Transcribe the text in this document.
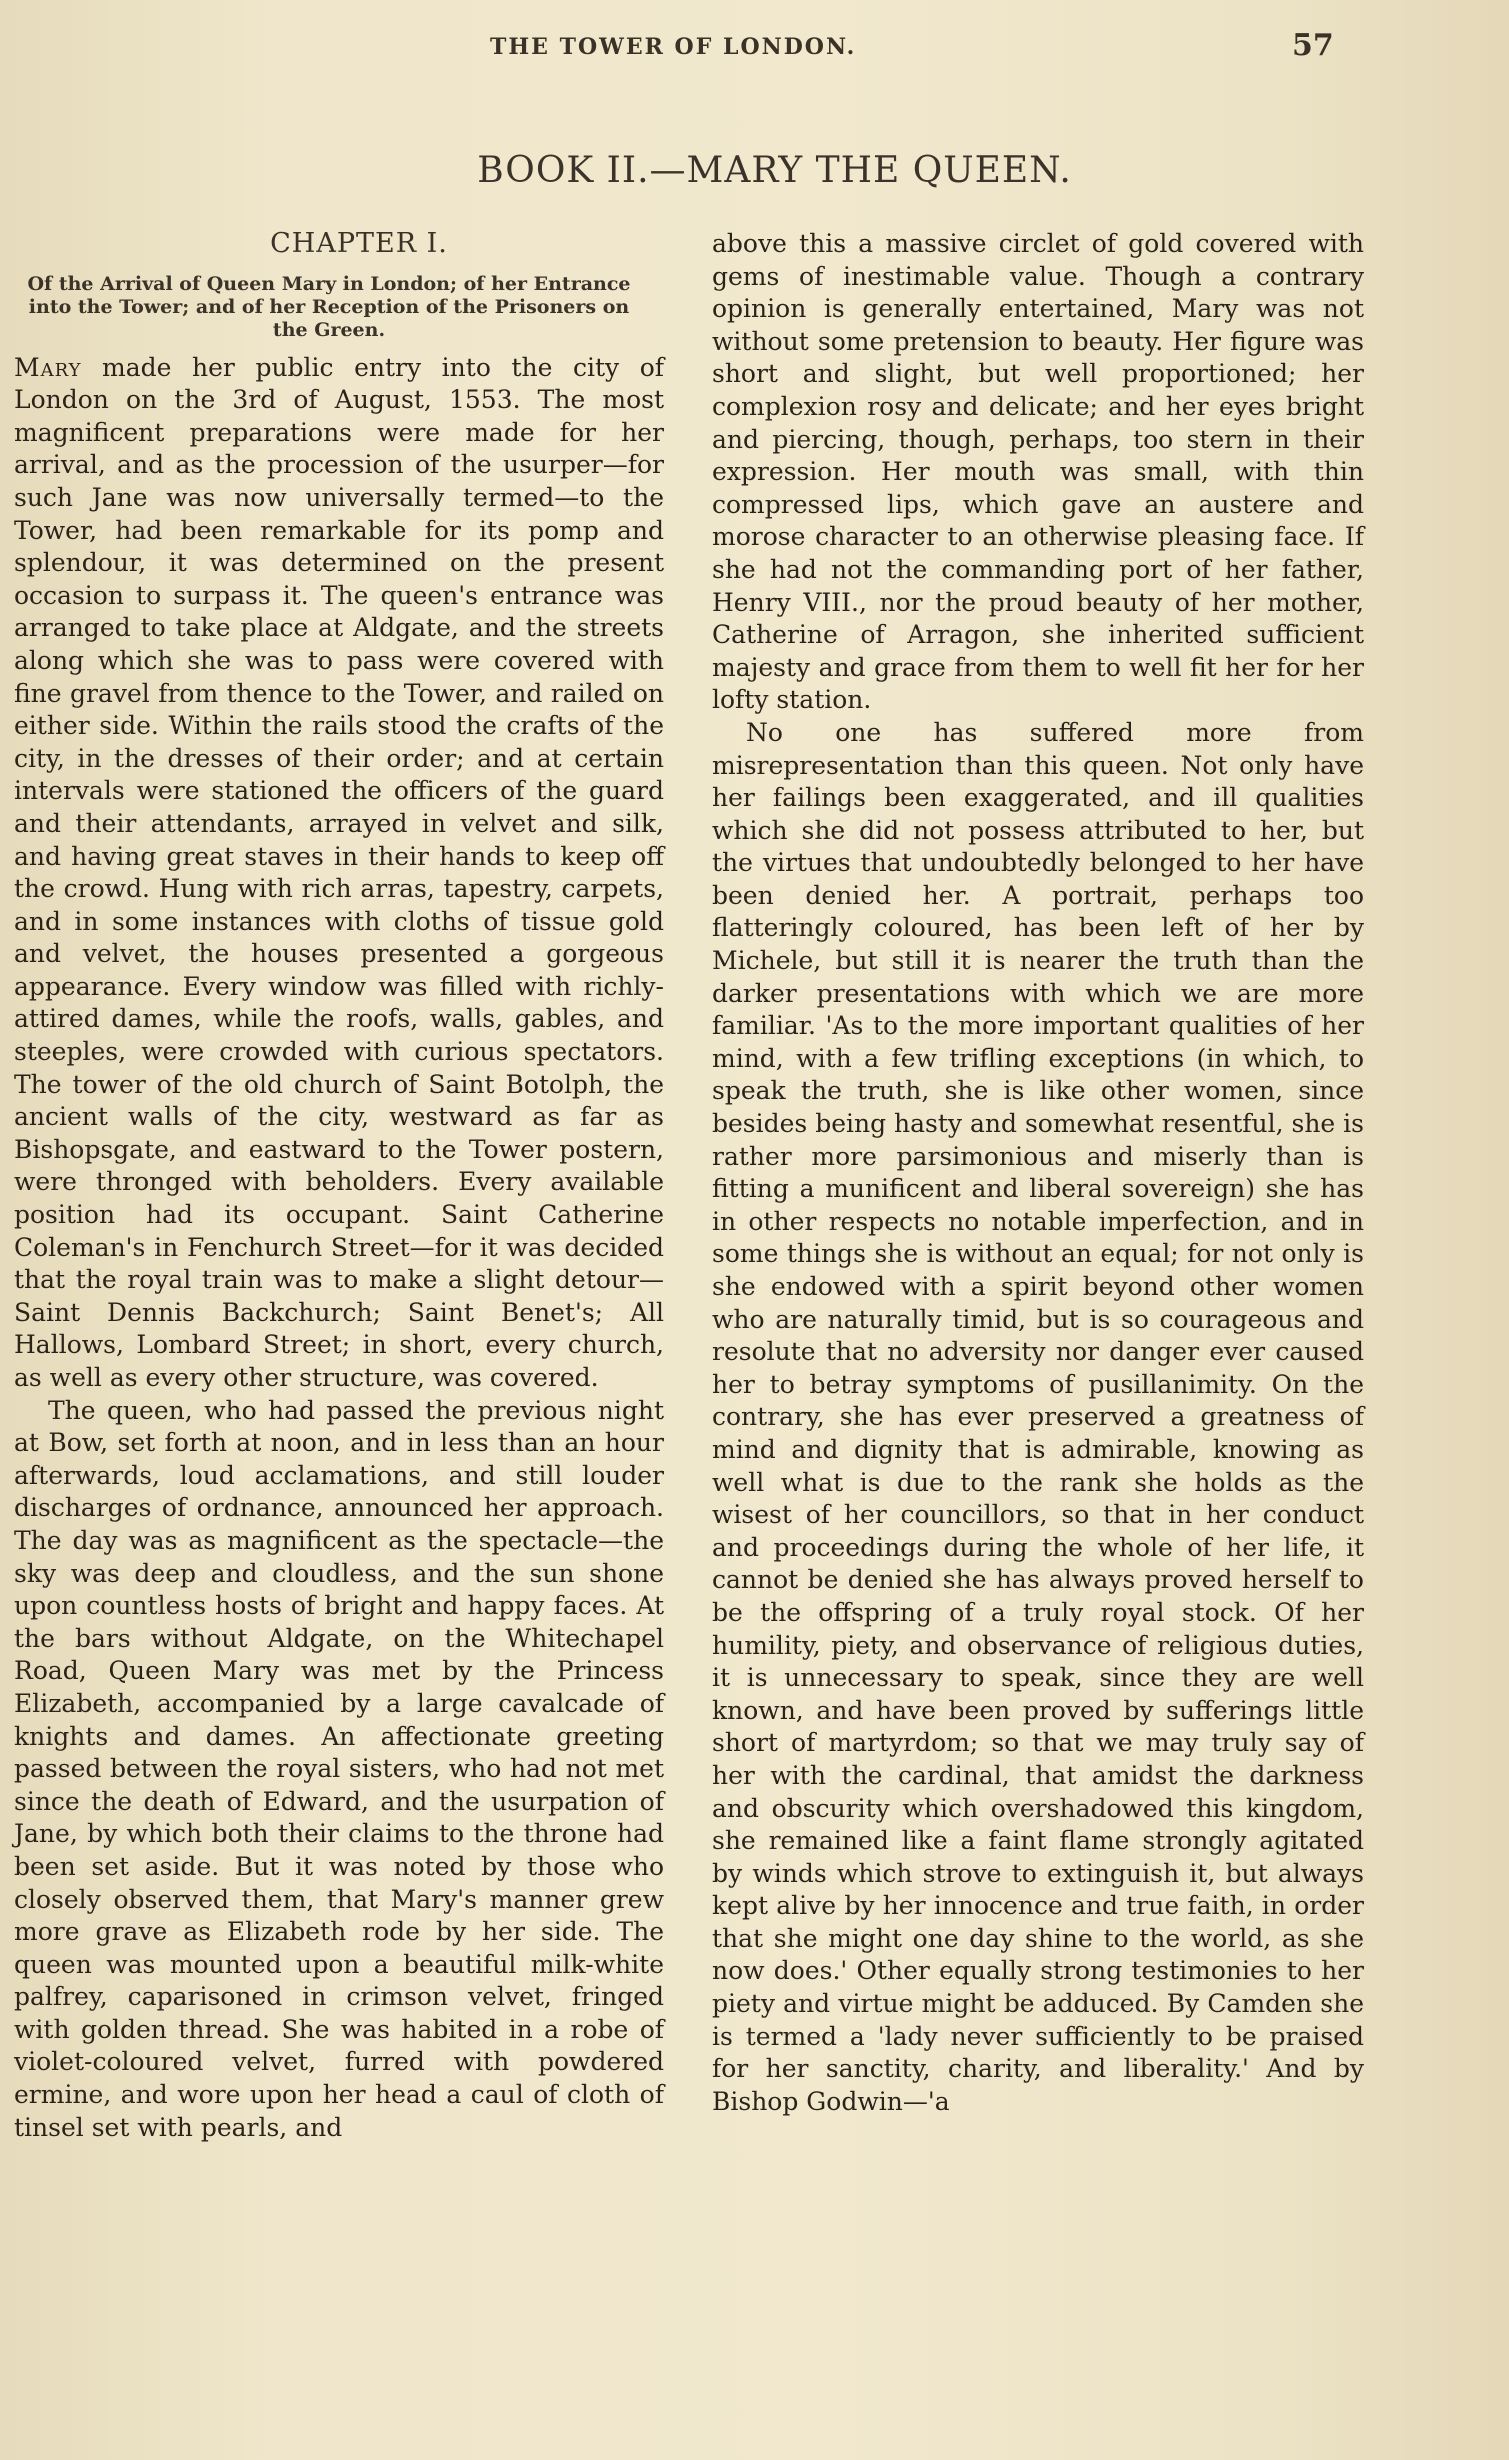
THE TOWER OF LONDON.	57
BOOK II.—MARY THE QUEEN.
CHAPTER I.
Of the Arrival of Queen Mary in London; of her Entrance into the Tower; and of her Reception of the Prisoners on the Green.

Mary made her public entry into the city of London on the 3rd of August, 1553. The most magnificent preparations were made for her arrival, and as the procession of the usurper—for such Jane was now universally termed—to the Tower, had been remarkable for its pomp and splendour, it was determined on the present occasion to surpass it. The queen's entrance was arranged to take place at Aldgate, and the streets along which she was to pass were covered with fine gravel from thence to the Tower, and railed on either side. Within the rails stood the crafts of the city, in the dresses of their order; and at certain intervals were stationed the officers of the guard and their attendants, arrayed in velvet and silk, and having great staves in their hands to keep off the crowd. Hung with rich arras, tapestry, carpets, and in some instances with cloths of tissue gold and velvet, the houses presented a gorgeous appearance. Every window was filled with richly-attired dames, while the roofs, walls, gables, and steeples, were crowded with curious spectators. The tower of the old church of Saint Botolph, the ancient walls of the city, westward as far as Bishopsgate, and eastward to the Tower postern, were thronged with beholders. Every available position had its occupant. Saint Catherine Coleman's in Fenchurch Street—for it was decided that the royal train was to make a slight detour—Saint Dennis Backchurch; Saint Benet's; All Hallows, Lombard Street; in short, every church, as well as every other structure, was covered.

The queen, who had passed the previous night at Bow, set forth at noon, and in less than an hour afterwards, loud acclamations, and still louder discharges of ordnance, announced her approach. The day was as magnificent as the spectacle—the sky was deep and cloudless, and the sun shone upon countless hosts of bright and happy faces. At the bars without Aldgate, on the Whitechapel Road, Queen Mary was met by the Princess Elizabeth, accompanied by a large cavalcade of knights and dames. An affectionate greeting passed between the royal sisters, who had not met since the death of Edward, and the usurpation of Jane, by which both their claims to the throne had been set aside. But it was noted by those who closely observed them, that Mary's manner grew more grave as Elizabeth rode by her side. The queen was mounted upon a beautiful milk-white palfrey, caparisoned in crimson velvet, fringed with golden thread. She was habited in a robe of violet-coloured velvet, furred with powdered ermine, and wore upon her head a caul of cloth of tinsel set with pearls, and

above this a massive circlet of gold covered with gems of inestimable value. Though a contrary opinion is generally entertained, Mary was not without some pretension to beauty. Her figure was short and slight, but well proportioned; her complexion rosy and delicate; and her eyes bright and piercing, though, perhaps, too stern in their expression. Her mouth was small, with thin compressed lips, which gave an austere and morose character to an otherwise pleasing face. If she had not the commanding port of her father, Henry VIII., nor the proud beauty of her mother, Catherine of Arragon, she inherited sufficient majesty and grace from them to well fit her for her lofty station.

No one has suffered more from misrepresentation than this queen. Not only have her failings been exaggerated, and ill qualities which she did not possess attributed to her, but the virtues that undoubtedly belonged to her have been denied her. A portrait, perhaps too flatteringly coloured, has been left of her by Michele, but still it is nearer the truth than the darker presentations with which we are more familiar. 'As to the more important qualities of her mind, with a few trifling exceptions (in which, to speak the truth, she is like other women, since besides being hasty and somewhat resentful, she is rather more parsimonious and miserly than is fitting a munificent and liberal sovereign) she has in other respects no notable imperfection, and in some things she is without an equal; for not only is she endowed with a spirit beyond other women who are naturally timid, but is so courageous and resolute that no adversity nor danger ever caused her to betray symptoms of pusillanimity. On the contrary, she has ever preserved a greatness of mind and dignity that is admirable, knowing as well what is due to the rank she holds as the wisest of her councillors, so that in her conduct and proceedings during the whole of her life, it cannot be denied she has always proved herself to be the offspring of a truly royal stock. Of her humility, piety, and observance of religious duties, it is unnecessary to speak, since they are well known, and have been proved by sufferings little short of martyrdom; so that we may truly say of her with the cardinal, that amidst the darkness and obscurity which overshadowed this kingdom, she remained like a faint flame strongly agitated by winds which strove to extinguish it, but always kept alive by her innocence and true faith, in order that she might one day shine to the world, as she now does.' Other equally strong testimonies to her piety and virtue might be adduced. By Camden she is termed a 'lady never sufficiently to be praised for her sanctity, charity, and liberality.' And by Bishop Godwin—'a
